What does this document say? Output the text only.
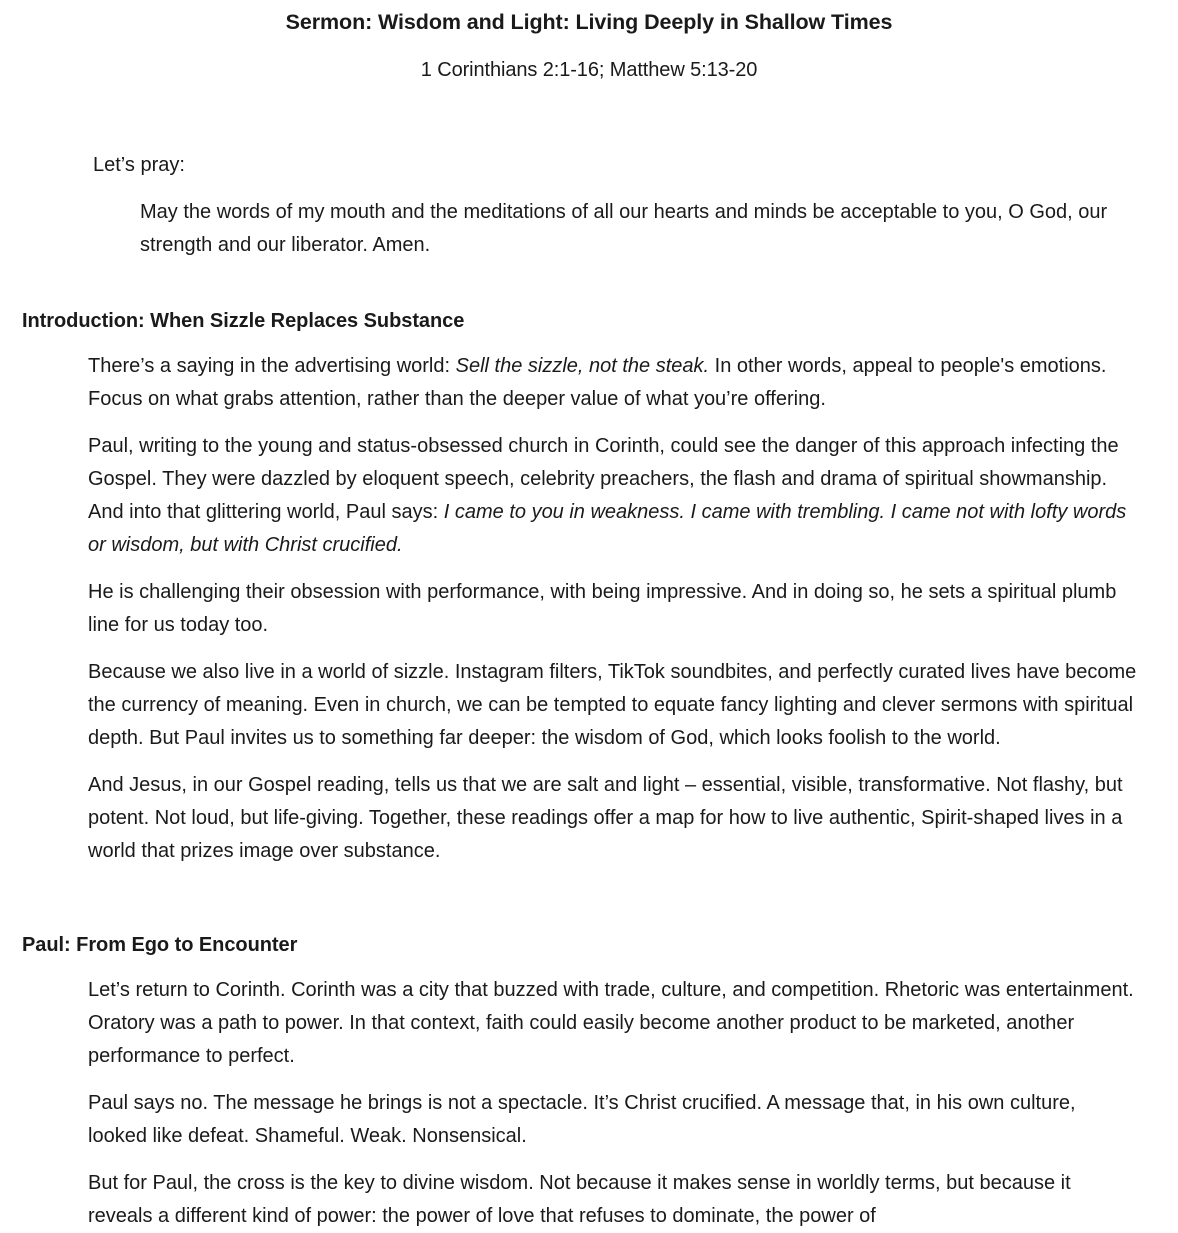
Sermon: Wisdom and Light: Living Deeply in Shallow Times
1 Corinthians 2:1-16; Matthew 5:13-20

Let’s pray:

May the words of my mouth and the meditations of all our hearts and minds be acceptable to you, O God, our strength and our liberator. Amen.

Introduction: When Sizzle Replaces Substance

There’s a saying in the advertising world: Sell the sizzle, not the steak. In other words, appeal to people's emotions. Focus on what grabs attention, rather than the deeper value of what you’re offering.

Paul, writing to the young and status-obsessed church in Corinth, could see the danger of this approach infecting the Gospel. They were dazzled by eloquent speech, celebrity preachers, the flash and drama of spiritual showmanship. And into that glittering world, Paul says: I came to you in weakness. I came with trembling. I came not with lofty words or wisdom, but with Christ crucified.

He is challenging their obsession with performance, with being impressive. And in doing so, he sets a spiritual plumb line for us today too.

Because we also live in a world of sizzle. Instagram filters, TikTok soundbites, and perfectly curated lives have become the currency of meaning. Even in church, we can be tempted to equate fancy lighting and clever sermons with spiritual depth. But Paul invites us to something far deeper: the wisdom of God, which looks foolish to the world.

And Jesus, in our Gospel reading, tells us that we are salt and light – essential, visible, transformative. Not flashy, but potent. Not loud, but life-giving. Together, these readings offer a map for how to live authentic, Spirit-shaped lives in a world that prizes image over substance.

Paul: From Ego to Encounter

Let’s return to Corinth. Corinth was a city that buzzed with trade, culture, and competition. Rhetoric was entertainment. Oratory was a path to power. In that context, faith could easily become another product to be marketed, another performance to perfect.

Paul says no. The message he brings is not a spectacle. It’s Christ crucified. A message that, in his own culture, looked like defeat. Shameful. Weak. Nonsensical.

But for Paul, the cross is the key to divine wisdom. Not because it makes sense in worldly terms, but because it reveals a different kind of power: the power of love that refuses to dominate, the power of
